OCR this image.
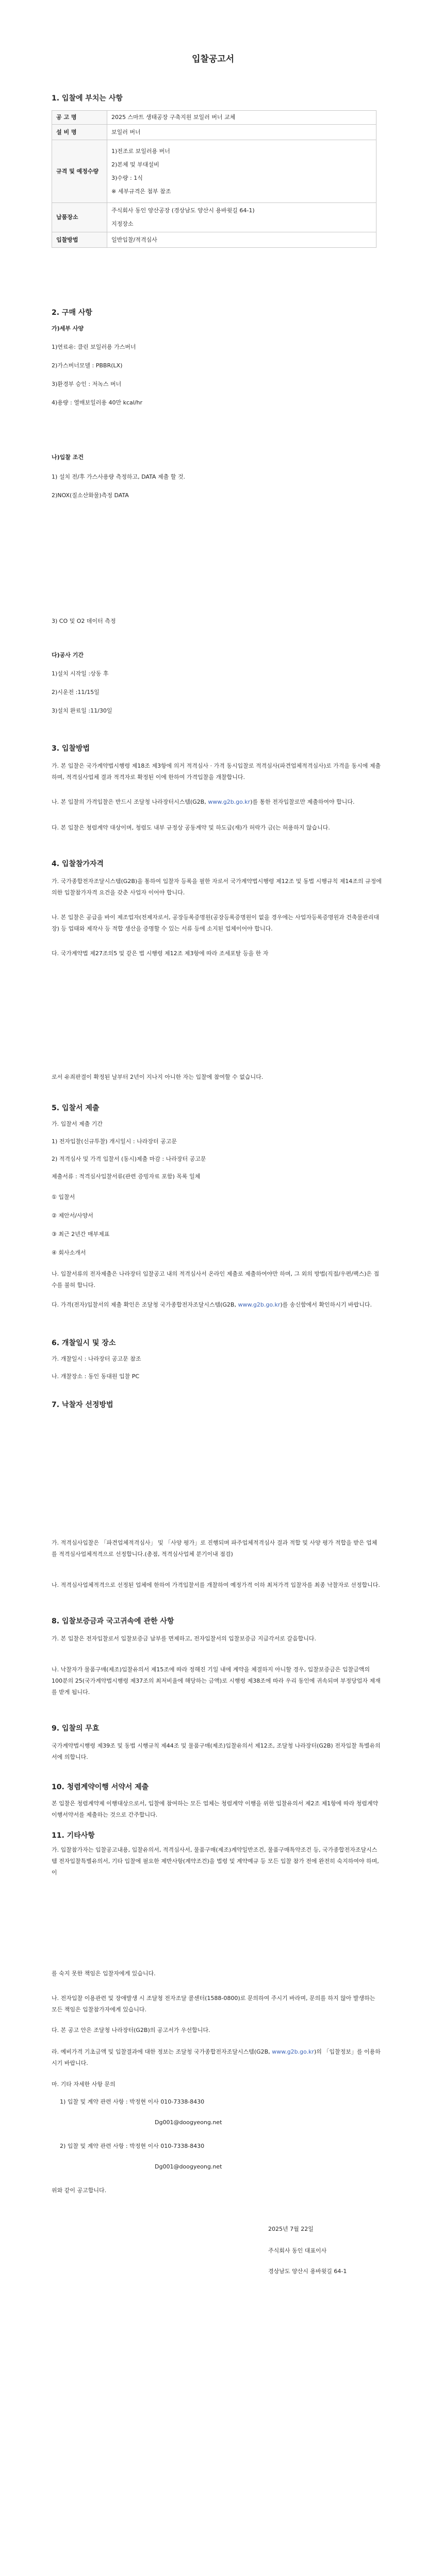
입찰공고서
1. 입찰에 부치는 사항
공 고 명	2025 스마트 생태공장 구축지원 보일러 버너 교체
설 비 명	보일러 버너
규격 및 예정수량	1)전조로 보일러용 버너
2)본체 및 부대설비
3)수량 : 1식
※ 세부규격은 첨부 참조

납품장소	주식회사 동인 양산공장 (경상남도 양산시 용바윗길 64-1)
지정장소

입찰방법	일반입찰/적격심사
2. 구매 사항
가)세부 사양
1)연료유: 클린 보일러용 가스버너
2)가스버너모델 : PBBR(LX)
3)환경부 승인 : 저녹스 버너
4)용량 : 열매보일러용 40만 kcal/hr
나)입찰 조건
1) 설치 전/후 가스사용량 측정하고, DATA 제출 할 것.
2)NOX(질소산화물)측정 DATA
3) CO 및 O2 데이터 측정
다)공사 기간
1)설치 시작일 :상동 후
2)시운전 :11/15일
3)설치 완료일 :11/30일
3. 입찰방법
가. 본 입찰은 국가계약법시행령 제18조 제3항에 의거 적격심사 · 가격 동시입찰로 적격심사(파견업체적격심사)로 가격을 동시에 제출하며, 적격심사업체 결과 적격자로 확정된 이에 한하여 가격입찰을 개찰합니다.
나. 본 입찰의 가격입찰은 반드시 조달청 나라장터시스템(G2B, www.g2b.go.kr)를 통한 전자입찰로만 제출하여야 합니다.
다. 본 입찰은 청렴계약 대상이며, 청렴도 내부 규정상 공동계약 및 하도급(재)가 허락가 금(는 허용하지 않습니다.
4. 입찰참가자격
가. 국가종합전자조달시스템(G2B)을 통하여 입찰자 등록을 필한 자로서 국가계약법시행령 제12조 및 동법 시행규칙 제14조의 규정에 의한 입찰참가자격 요건을 갖춘 사업자 이어야 합니다.
나. 본 입찰은 공급을 바이 제조업자(전제자로서, 공장등록증명원(공장등록증명원이 없을 경우에는 사업자등록증명원과 건축물관리대장) 등 업태와 제작사 등 적합 생산을 증명할 수 있는 서류 등에 소지된 업체이어야 합니다.
다. 국가계약법 제27조의5 및 같은 법 시행령 제12조 제3항에 따라 조세포탈 등을 한 자
로서 유죄판결이 확정된 날부터 2년이 지나지 아니한 자는 입찰에 참여할 수 없습니다.
5. 입찰서 제출
가. 입찰서 제출 기간
1) 전자입찰(신규투찰) 개시일시 : 나라장터 공고문
2) 적격심사 및 가격 입찰서 (동시)제출 마감 : 나라장터 공고문
제출서류 : 적격심사입찰서류(관련 증빙자료 포함) 목록 일체
① 입찰서
② 제안서/사양서
③ 최근 2년간 매부제표
④ 회사소개서
나. 입찰서류의 전자제출은 나라장터 입찰공고 내의 적격심사서 온라인 제출로 제출하여야만 하며, 그 외의 방법(직접/우편/팩스)은 접수를 불허 합니다.
다. 가격(전자)입찰서의 제출 확인은 조달청 국가종합전자조달시스템(G2B, www.g2b.go.kr)를 송신함에서 확인하시기 바랍니다.
6. 개찰일시 및 장소
가. 개찰일시 : 나라장터 공고문 참조
나. 개찰장소 : 동인 동대원 입찰 PC
7. 낙찰자 선정방법
가. 적격심사입찰은 「파견업체적격심사」 및 「사양 평가」로 진행되며 파주업체적격심사 결과 적합 및 사양 평가 적합을 받은 업체를 적격심사업체적격으로 선정합니다.(총점, 적격심사업체 분기이내 점검)
나. 적격심사업체적격으로 선정된 업체에 한하여 가격입찰서를 개찰하여 예정가격 이하 최저가격 입찰자를 최종 낙찰자로 선정합니다.
8. 입찰보증금과 국고귀속에 관한 사항
가. 본 입찰은 전자입찰로서 입찰보증금 납부를 면제하고, 전자입찰서의 입찰보증금 지급각서로 갈음합니다.
나. 낙찰자가 물품구매(제조)입찰유의서 제15조에 따라 정해진 기일 내에 계약을 체결하지 아니할 경우, 입찰보증금은 입찰금액의 100분의 25(국가계약법시행령 제37조의 최저비율에 해당하는 금액)로 시행령 제38조에 따라 우리 동인에 귀속되며 부정당업자 제재를 받게 됩니다.
9. 입찰의 무효
국가계약법시행령 제39조 및 동법 시행규칙 제44조 및 물품구매(제조)입찰유의서 제12조, 조달청 나라장터(G2B) 전자입찰 특별유의서에 의합니다.
10. 청렴계약이행 서약서 제출
본 입찰은 청렴계약제 이행대상으로서, 입찰에 참여하는 모든 업체는 청렴계약 이행을 위한 입찰유의서 제2조 제1항에 따라 청렴계약이행서약서를 제출하는 것으로 간주합니다.
11. 기타사항
가. 입찰참가자는 입찰공고내용, 입찰유의서, 적격심사서, 물품구매(제조)계약일반조건, 물품구매특약조건 등, 국가종합전자조달시스템 전자입찰특별유의서, 기타 입찰에 필요한 제반사항(계약조건)을 법령 및 계약예규 등 모든 입찰 참가 전에 완전히 숙지하여야 하며, 이
를 숙지 못한 책임은 입찰자에게 있습니다.
나. 전자입찰 이용관련 및 장애발생 시 조달청 전자조달 콜센터(1588-0800)로 문의하여 주시기 바라며, 문의를 하지 않아 발생하는 모든 책임은 입찰참가자에게 있습니다.
다. 본 공고 안은 조달청 나라장터(G2B)의 공고서가 우선합니다.
라. 예비가격 기초금액 및 입찰결과에 대한 정보는 조달청 국가종합전자조달시스템(G2B, www.g2b.go.kr)의 「입찰정보」를 이용하시기 바랍니다.
마. 기타 자세한 사항 문의
1) 입찰 및 계약 관련 사항 : 박정현 이사 010-7338-8430
Dg001@doogyeong.net
2) 입찰 및 계약 관련 사항 : 박정현 이사 010-7338-8430
Dg001@doogyeong.net
위와 같이 공고합니다.
2025년 7월 22일
주식회사 동인 대표이사
경상남도 양산시 용바윗길 64-1
